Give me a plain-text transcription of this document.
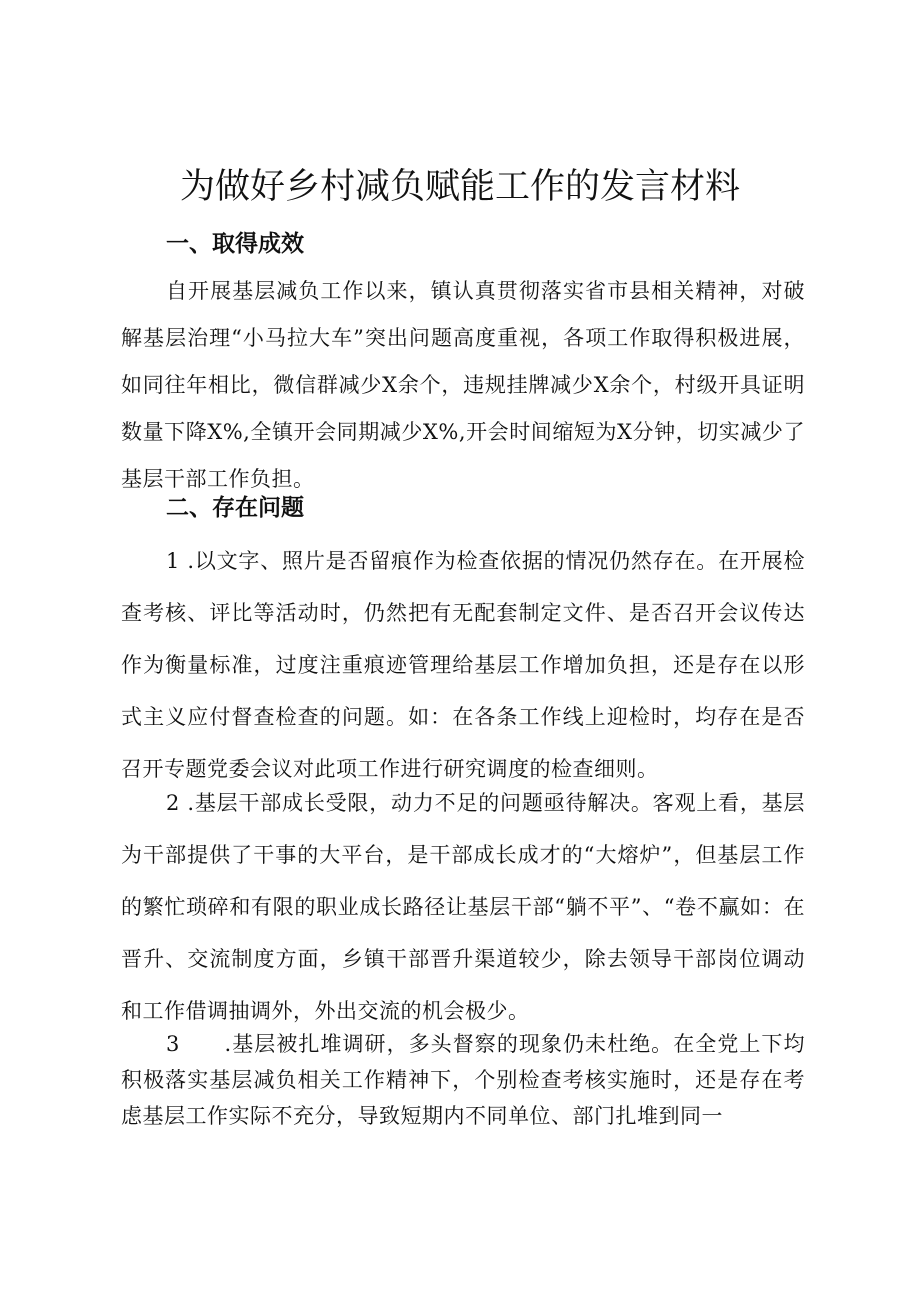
为做好乡村减负赋能工作的发言材料
一、取得成效

自开展基层减负工作以来，镇认真贯彻落实省市县相关精神，对破解基层治理“小马拉大车”突出问题高度重视，各项工作取得积极进展，如同往年相比，微信群减少X余个，违规挂牌减少X余个，村级开具证明数量下降X%,全镇开会同期减少X%,开会时间缩短为X分钟，切实减少了基层干部工作负担。

二、存在问题

1 .以文字、照片是否留痕作为检查依据的情况仍然存在。在开展检查考核、评比等活动时，仍然把有无配套制定文件、是否召开会议传达作为衡量标准，过度注重痕迹管理给基层工作增加负担，还是存在以形式主义应付督查检查的问题。如：在各条工作线上迎检时，均存在是否召开专题党委会议对此项工作进行研究调度的检查细则。

2 .基层干部成长受限，动力不足的问题亟待解决。客观上看，基层为干部提供了干事的大平台，是干部成长成才的“大熔炉”，但基层工作的繁忙琐碎和有限的职业成长路径让基层干部“躺不平”、“卷不赢如：在晋升、交流制度方面，乡镇干部晋升渠道较少，除去领导干部岗位调动和工作借调抽调外，外出交流的机会极少。

3　　.基层被扎堆调研，多头督察的现象仍未杜绝。在全党上下均积极落实基层减负相关工作精神下，个别检查考核实施时，还是存在考虑基层工作实际不充分，导致短期内不同单位、部门扎堆到同一
